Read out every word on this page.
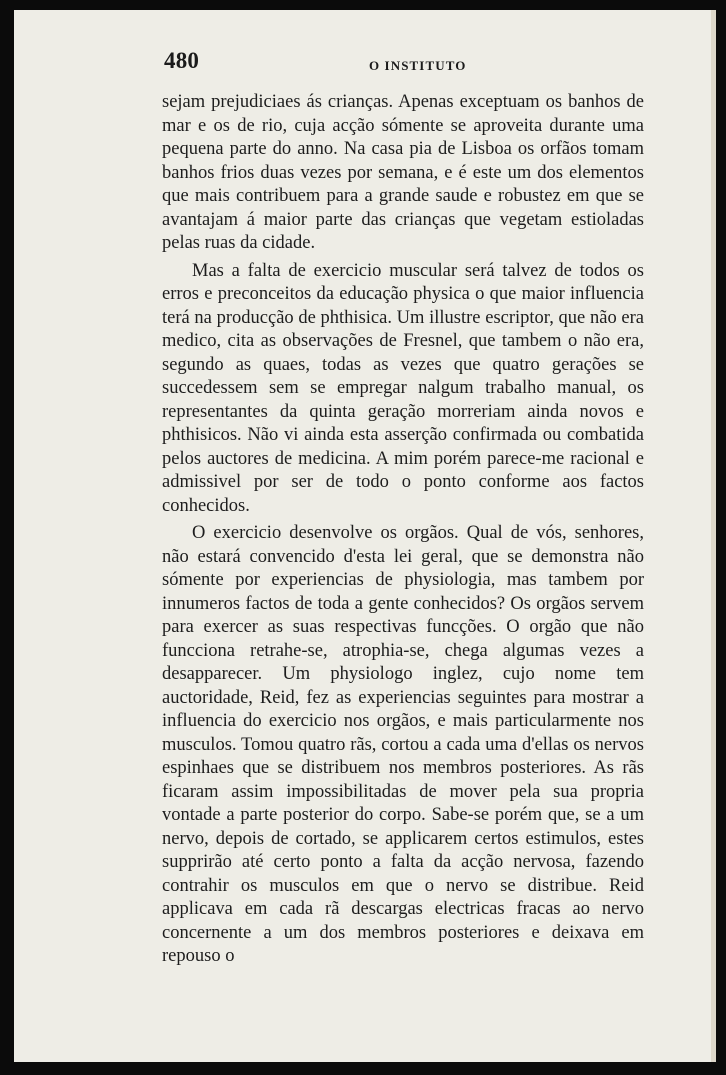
480	O INSTITUTO

sejam prejudiciaes ás crianças. Apenas exceptuam os banhos de mar e os de rio, cuja acção sómente se aproveita durante uma pequena parte do anno. Na casa pia de Lisboa os orfãos tomam banhos frios duas vezes por semana, e é este um dos elementos que mais contribuem para a grande saude e robustez em que se avantajam á maior parte das crianças que vegetam estioladas pelas ruas da cidade.

Mas a falta de exercicio muscular será talvez de todos os erros e preconceitos da educação physica o que maior influencia terá na producção de phthisica. Um illustre escriptor, que não era medico, cita as observações de Fresnel, que tambem o não era, segundo as quaes, todas as vezes que quatro gerações se succedessem sem se empregar nalgum trabalho manual, os representantes da quinta geração morreriam ainda novos e phthisicos. Não vi ainda esta asserção confirmada ou combatida pelos auctores de medicina. A mim porém parece-me racional e admissivel por ser de todo o ponto conforme aos factos conhecidos.

O exercicio desenvolve os orgãos. Qual de vós, senhores, não estará convencido d'esta lei geral, que se demonstra não sómente por experiencias de physiologia, mas tambem por innumeros factos de toda a gente conhecidos? Os orgãos servem para exercer as suas respectivas funcções. O orgão que não funcciona retrahe-se, atrophia-se, chega algumas vezes a desapparecer. Um physiologo inglez, cujo nome tem auctoridade, Reid, fez as experiencias seguintes para mostrar a influencia do exercicio nos orgãos, e mais particularmente nos musculos. Tomou quatro rãs, cortou a cada uma d'ellas os nervos espinhaes que se distribuem nos membros posteriores. As rãs ficaram assim impossibilitadas de mover pela sua propria vontade a parte posterior do corpo. Sabe-se porém que, se a um nervo, depois de cortado, se applicarem certos estimulos, estes supprirão até certo ponto a falta da acção nervosa, fazendo contrahir os musculos em que o nervo se distribue. Reid applicava em cada rã descargas electricas fracas ao nervo concernente a um dos membros posteriores e deixava em repouso o
